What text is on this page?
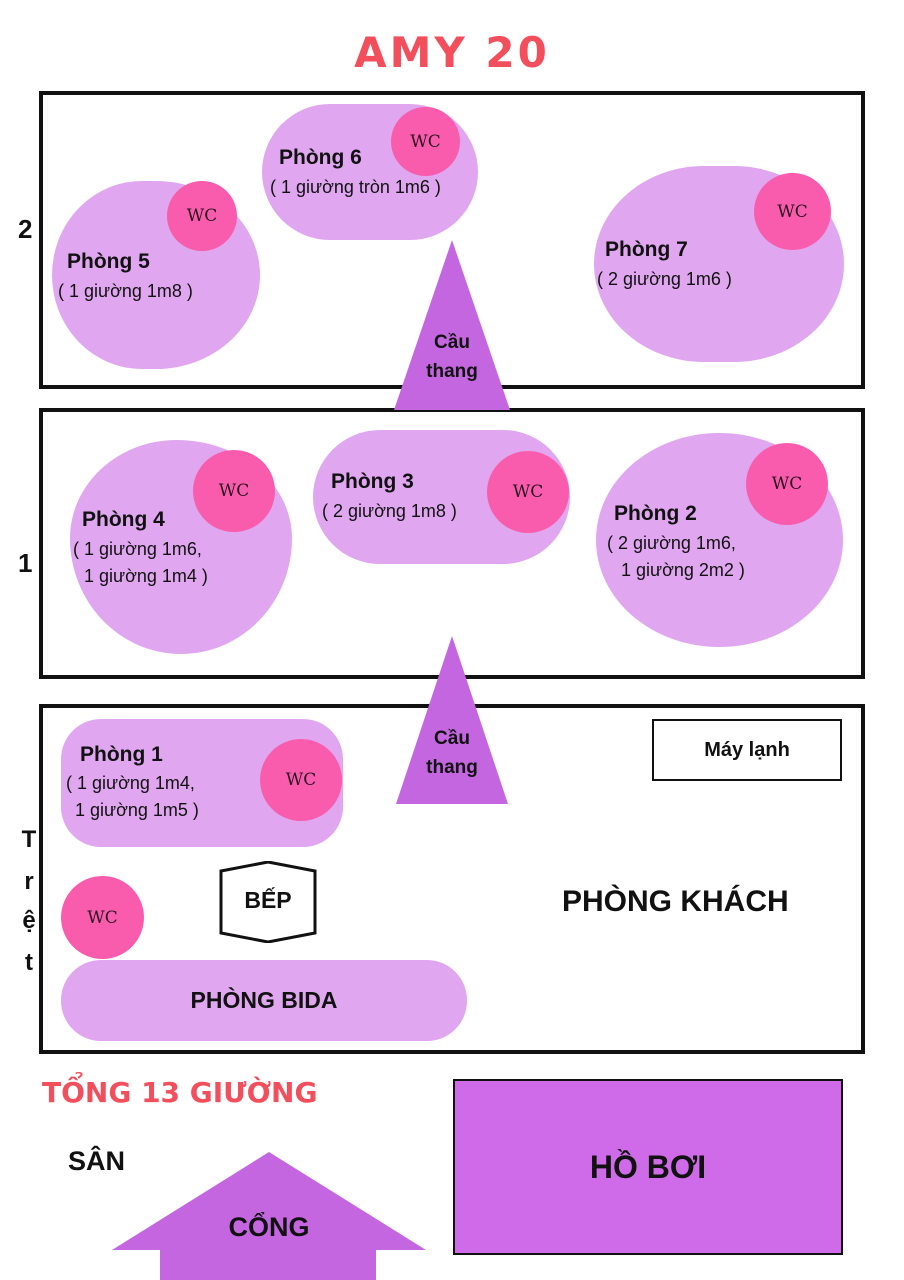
AMY 20
2
WC
Phòng 6
( 1 giường tròn 1m6 )
WC
Phòng 5
( 1 giường 1m8 )
WC
Phòng 7
( 2 giường 1m6 )
1
WC
Phòng 4
( 1 giường 1m6,
1 giường 1m4 )
WC
Phòng 3
( 2 giường 1m8 )
WC
Phòng 2
( 2 giường 1m6,
1 giường 2m2 )
T
r
ệ
t
WC
Phòng 1
( 1 giường 1m4,
1 giường 1m5 )
Máy lạnh
BẾP
WC
PHÒNG BIDA
PHÒNG KHÁCH
Cầu
thang
Cầu
thang
TỔNG 13 GIƯỜNG
SÂN
CỔNG
HỒ BƠI
